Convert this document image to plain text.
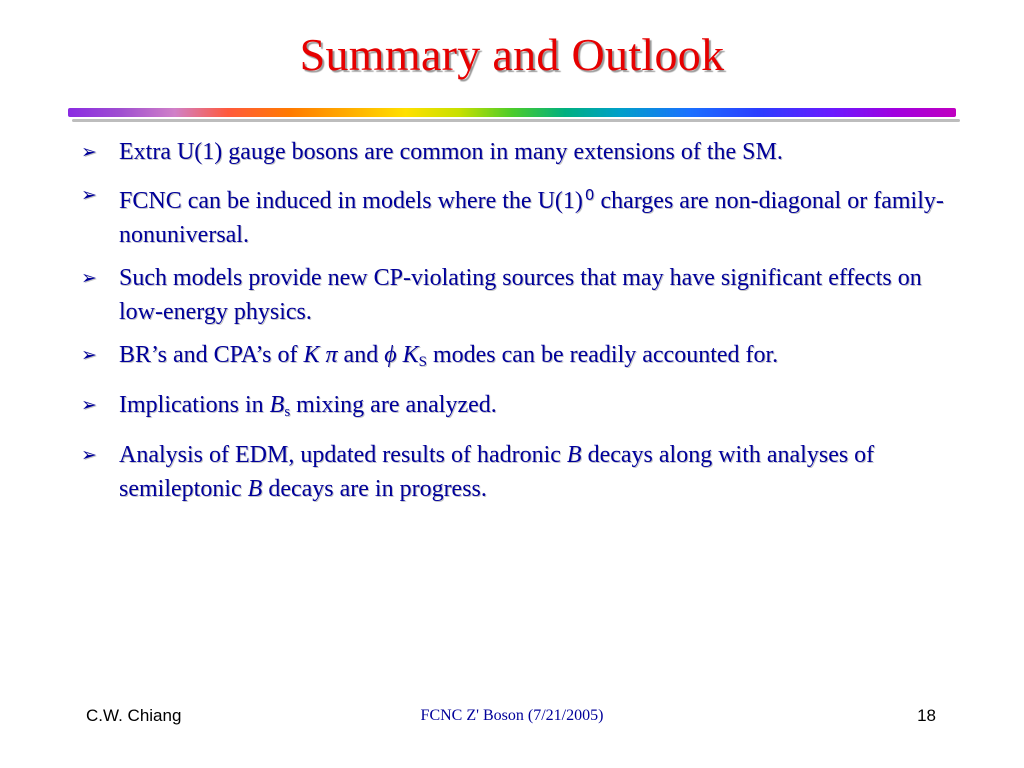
Summary and Outlook
➢ Extra U(1) gauge bosons are common in many extensions of the SM.
➢ FCNC can be induced in models where the U(1) $^0$ charges are non-diagonal or family-nonuniversal.
➢ Such models provide new CP-violating sources that may have significant effects on low-energy physics.
➢ BR’s and CPA’s of K π and ϕ $K_S$ modes can be readily accounted for.
➢ Implications in $B_s$ mixing are analyzed.
➢ Analysis of EDM, updated results of hadronic B decays along with analyses of semileptonic B decays are in progress.
C.W. Chiang	FCNC Z' Boson (7/21/2005)	18
